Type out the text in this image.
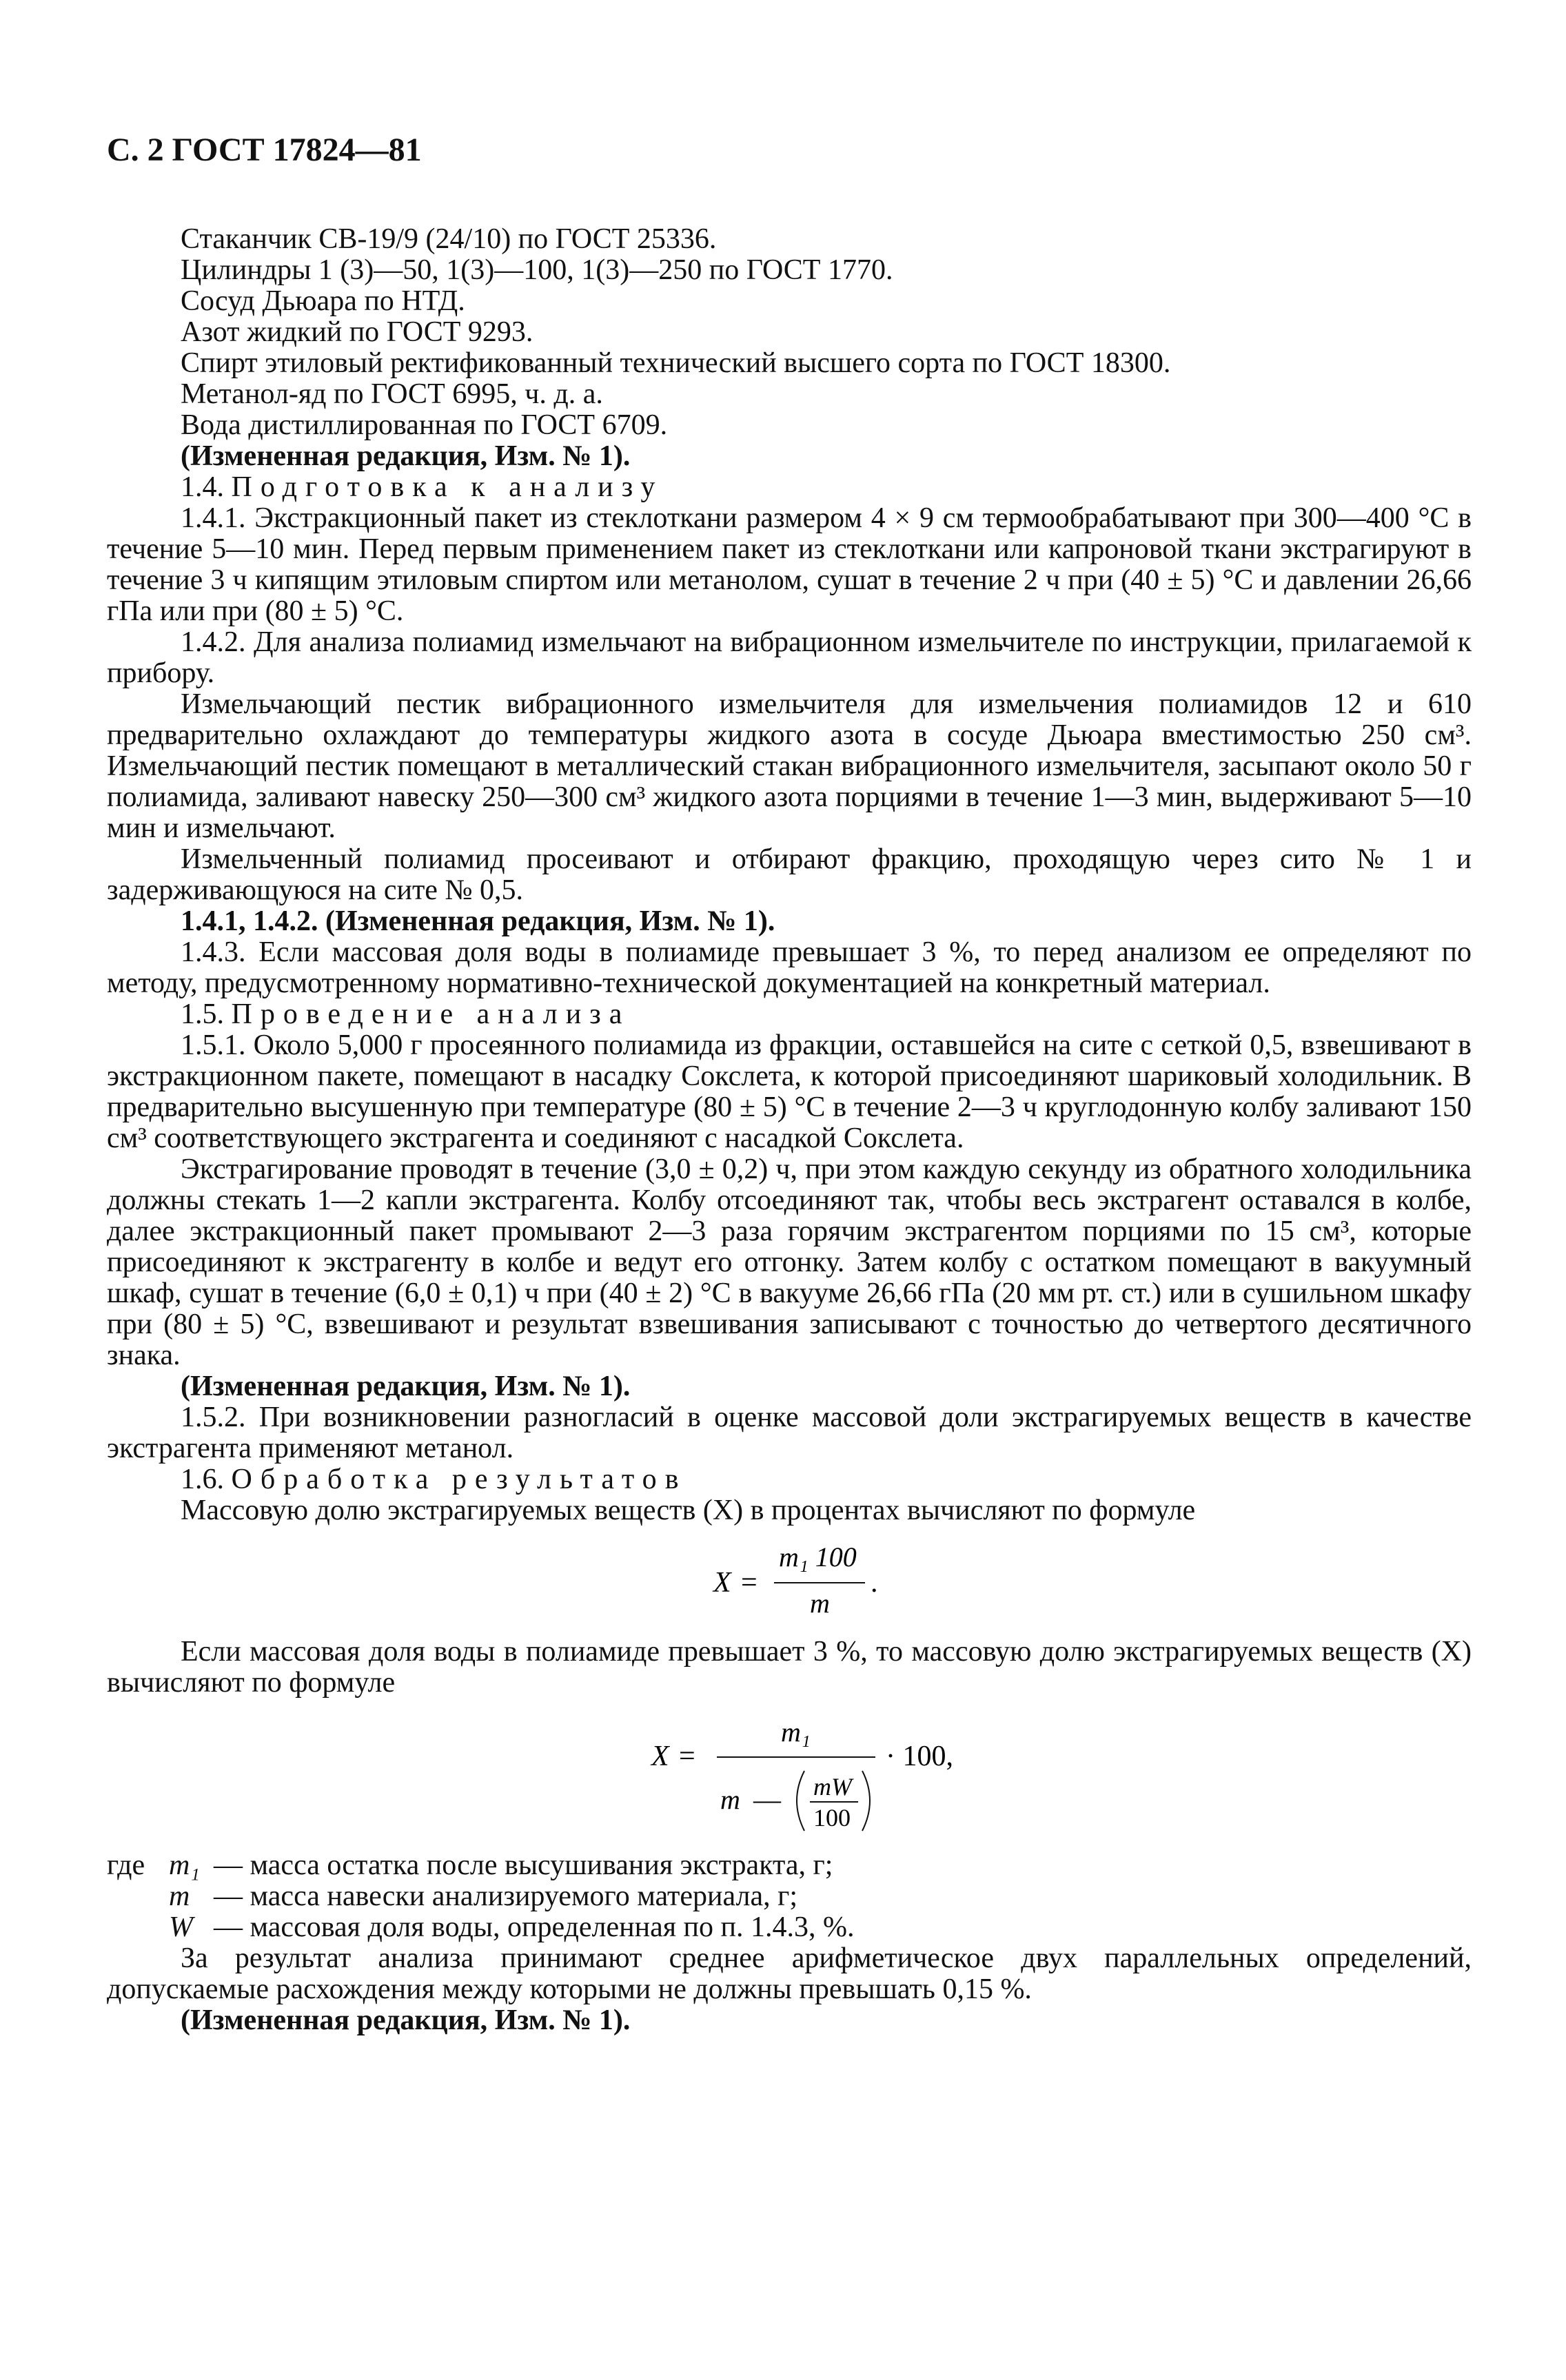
С. 2 ГОСТ 17824—81

Стаканчик СВ-19/9 (24/10) по ГОСТ 25336.

Цилиндры 1 (3)—50, 1(3)—100, 1(3)—250 по ГОСТ 1770.

Сосуд Дьюара по НТД.

Азот жидкий по ГОСТ 9293.

Спирт этиловый ректификованный технический высшего сорта по ГОСТ 18300.

Метанол-яд по ГОСТ 6995, ч. д. а.

Вода дистиллированная по ГОСТ 6709.

(Измененная редакция, Изм. № 1).

1.4. Подготовка к анализу

1.4.1. Экстракционный пакет из стеклоткани размером 4 × 9 см термообрабатывают при 300—400 °С в течение 5—10 мин. Перед первым применением пакет из стеклоткани или капроновой ткани экстрагируют в течение 3 ч кипящим этиловым спиртом или метанолом, сушат в течение 2 ч при (40 ± 5) °С и давлении 26,66 гПа или при (80 ± 5) °С.

1.4.2. Для анализа полиамид измельчают на вибрационном измельчителе по инструкции, прилагаемой к прибору.

Измельчающий пестик вибрационного измельчителя для измельчения полиамидов 12 и 610 предварительно охлаждают до температуры жидкого азота в сосуде Дьюара вместимостью 250 см³. Измельчающий пестик помещают в металлический стакан вибрационного измельчителя, засыпают около 50 г полиамида, заливают навеску 250—300 см³ жидкого азота порциями в течение 1—3 мин, выдерживают 5—10 мин и измельчают.

Измельченный полиамид просеивают и отбирают фракцию, проходящую через сито № 1 и задерживающуюся на сите № 0,5.

1.4.1, 1.4.2. (Измененная редакция, Изм. № 1).

1.4.3. Если массовая доля воды в полиамиде превышает 3 %, то перед анализом ее определяют по методу, предусмотренному нормативно-технической документацией на конкретный материал.

1.5. Проведение анализа

1.5.1. Около 5,000 г просеянного полиамида из фракции, оставшейся на сите с сеткой 0,5, взвешивают в экстракционном пакете, помещают в насадку Сокслета, к которой присоединяют шариковый холодильник. В предварительно высушенную при температуре (80 ± 5) °С в течение 2—3 ч круглодонную колбу заливают 150 см³ соответствующего экстрагента и соединяют с насадкой Сокслета.

Экстрагирование проводят в течение (3,0 ± 0,2) ч, при этом каждую секунду из обратного холодильника должны стекать 1—2 капли экстрагента. Колбу отсоединяют так, чтобы весь экстрагент оставался в колбе, далее экстракционный пакет промывают 2—3 раза горячим экстрагентом порциями по 15 см³, которые присоединяют к экстрагенту в колбе и ведут его отгонку. Затем колбу с остатком помещают в вакуумный шкаф, сушат в течение (6,0 ± 0,1) ч при (40 ± 2) °С в вакууме 26,66 гПа (20 мм рт. ст.) или в сушильном шкафу при (80 ± 5) °С, взвешивают и результат взвешивания записывают с точностью до четвертого десятичного знака.

(Измененная редакция, Изм. № 1).

1.5.2. При возникновении разногласий в оценке массовой доли экстрагируемых веществ в качестве экстрагента применяют метанол.

1.6. Обработка результатов

Массовую долю экстрагируемых веществ (X) в процентах вычисляют по формуле

X =
m₁ 100
m
.

Если массовая доля воды в полиамиде превышает 3 %, то массовую долю экстрагируемых веществ (X) вычисляют по формуле

X =
m₁
m — mW
100
· 100,
где m₁ — масса остатка после высушивания экстракта, г;
m — масса навески анализируемого материала, г;
W — массовая доля воды, определенная по п. 1.4.3, %.

За результат анализа принимают среднее арифметическое двух параллельных определений, допускаемые расхождения между которыми не должны превышать 0,15 %.

(Измененная редакция, Изм. № 1).
